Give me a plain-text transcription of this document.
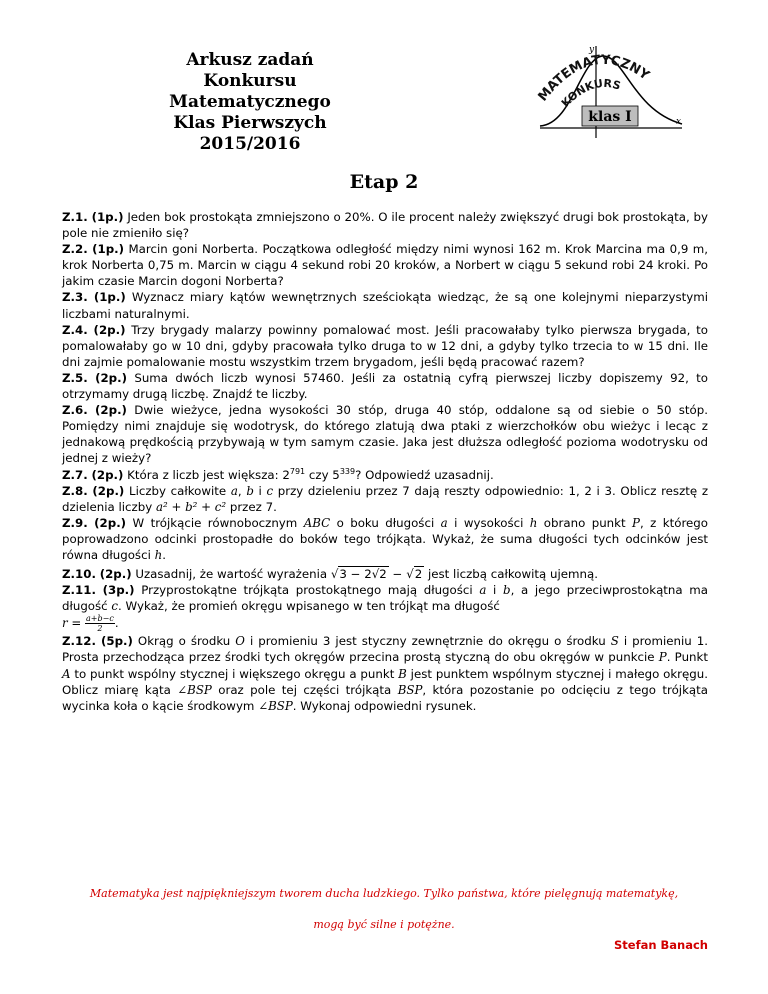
Arkusz zadań
Konkursu Matematycznego
Klas Pierwszych
2015/2016
MATEMATYCZNY
KONKURS
klas I
y
x
Etap 2

Z.1. (1p.) Jeden bok prostokąta zmniejszono o 20%. O ile procent należy zwiększyć drugi bok prostokąta, by pole nie zmieniło się?

Z.2. (1p.) Marcin goni Norberta. Początkowa odległość między nimi wynosi 162 m. Krok Marcina ma 0,9 m, krok Norberta 0,75 m. Marcin w ciągu 4 sekund robi 20 kroków, a Norbert w ciągu 5 sekund robi 24 kroki. Po jakim czasie Marcin dogoni Norberta?

Z.3. (1p.) Wyznacz miary kątów wewnętrznych sześciokąta wiedząc, że są one kolejnymi nieparzystymi liczbami naturalnymi.

Z.4. (2p.) Trzy brygady malarzy powinny pomalować most. Jeśli pracowałaby tylko pierwsza brygada, to pomalowałaby go w 10 dni, gdyby pracowała tylko druga to w 12 dni, a gdyby tylko trzecia to w 15 dni. Ile dni zajmie pomalowanie mostu wszystkim trzem brygadom, jeśli będą pracować razem?

Z.5. (2p.) Suma dwóch liczb wynosi 57460. Jeśli za ostatnią cyfrą pierwszej liczby dopiszemy 92, to otrzymamy drugą liczbę. Znajdź te liczby.

Z.6. (2p.) Dwie wieżyce, jedna wysokości 30 stóp, druga 40 stóp, oddalone są od siebie o 50 stóp. Pomiędzy nimi znajduje się wodotrysk, do którego zlatują dwa ptaki z wierzchołków obu wieżyc i lecąc z jednakową prędkością przybywają w tym samym czasie. Jaka jest dłuższa odległość pozioma wodotrysku od jednej z wieży?

Z.7. (2p.) Która z liczb jest większa: $2^{791}$ czy $5^{339}$? Odpowiedź uzasadnij.

Z.8. (2p.) Liczby całkowite a, b i c przy dzieleniu przez 7 dają reszty odpowiednio: 1, 2 i 3. Oblicz resztę z dzielenia liczby a² + b² + c² przez 7.

Z.9. (2p.) W trójkącie równobocznym ABC o boku długości a i wysokości h obrano punkt P, z którego poprowadzono odcinki prostopadłe do boków tego trójkąta. Wykaż, że suma długości tych odcinków jest równa długości h.

Z.10. (2p.) Uzasadnij, że wartość wyrażenia √3 − 2√2 − √2 jest liczbą całkowitą ujemną.

Z.11. (3p.) Przyprostokątne trójkąta prostokątnego mają długości a i b, a jego przeciwprostokątna ma długość c. Wykaż, że promień okręgu wpisanego w ten trójkąt ma długość
$r = \frac{a+b-c}{2}$ .

Z.12. (5p.) Okrąg o środku O i promieniu 3 jest styczny zewnętrznie do okręgu o środku S i promieniu 1. Prosta przechodząca przez środki tych okręgów przecina prostą styczną do obu okręgów w punkcie P. Punkt A to punkt wspólny stycznej i większego okręgu a punkt B jest punktem wspólnym stycznej i małego okręgu. Oblicz miarę kąta ∠BSP oraz pole tej części trójkąta BSP, która pozostanie po odcięciu z tego trójkąta wycinka koła o kącie środkowym ∠BSP. Wykonaj odpowiedni rysunek.

Matematyka jest najpiękniejszym tworem ducha ludzkiego. Tylko państwa, które pielęgnują matematykę,
mogą być silne i potężne.
Stefan Banach
